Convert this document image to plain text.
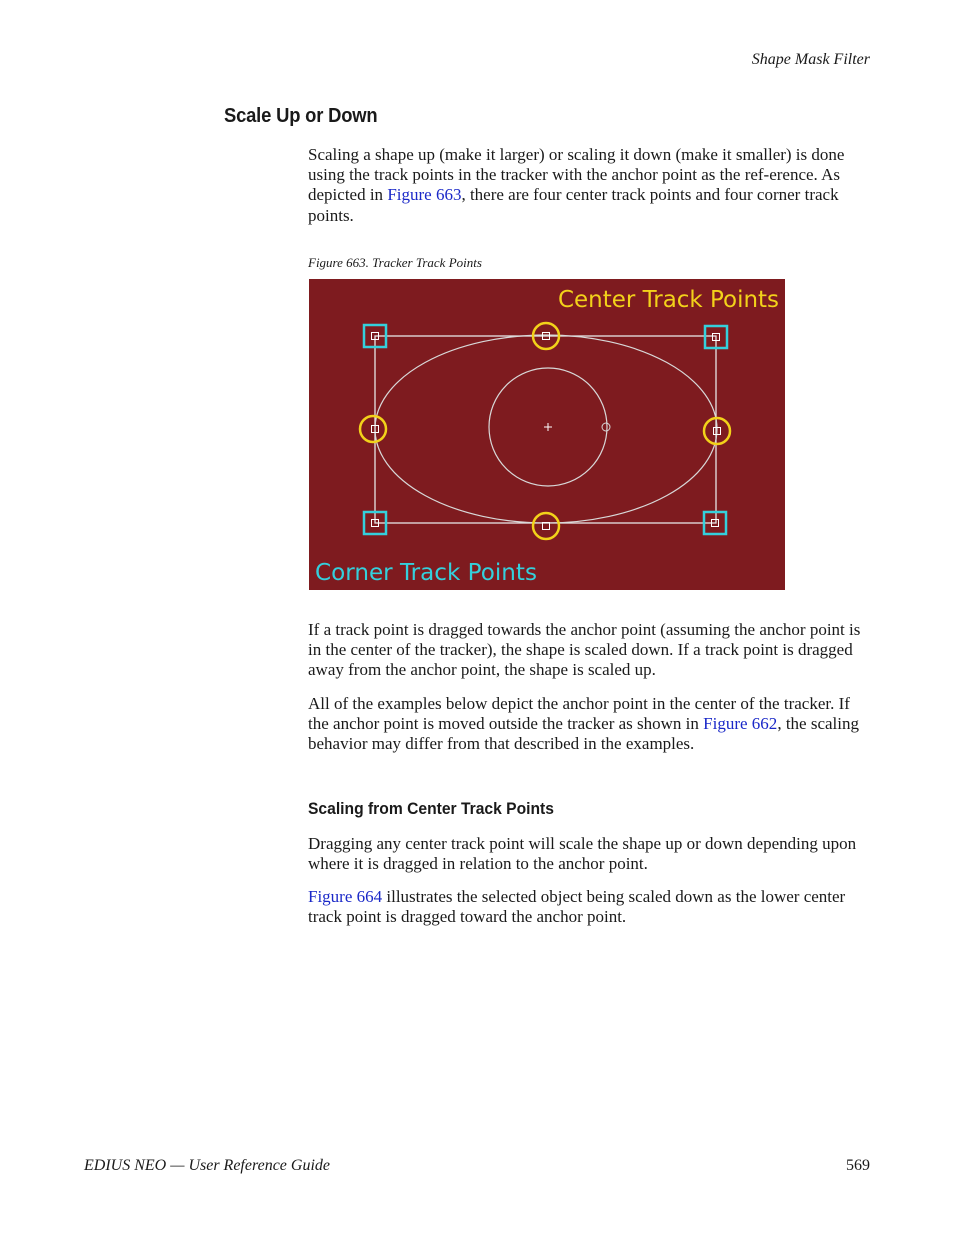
Shape Mask Filter
Scale Up or Down

Scaling a shape up (make it larger) or scaling it down (make it smaller) is done using the track points in the tracker with the anchor point as the ref-erence. As depicted in Figure 663, there are four center track points and four corner track points.

Figure 663. Tracker Track Points

Center Track Points
Corner Track Points

If a track point is dragged towards the anchor point (assuming the anchor point is in the center of the tracker), the shape is scaled down. If a track point is dragged away from the anchor point, the shape is scaled up.

All of the examples below depict the anchor point in the center of the tracker. If the anchor point is moved outside the tracker as shown in Figure 662, the scaling behavior may differ from that described in the examples.

Scaling from Center Track Points

Dragging any center track point will scale the shape up or down depending upon where it is dragged in relation to the anchor point.

Figure 664 illustrates the selected object being scaled down as the lower center track point is dragged toward the anchor point.

EDIUS NEO — User Reference Guide	569
